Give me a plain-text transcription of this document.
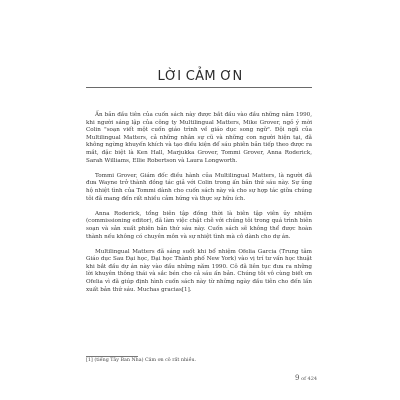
LỜI CẢM ƠN

Ấn bản đầu tiên của cuốn sách này được bắt đầu vào đầu những năm 1990, khi người sáng lập của công ty Multilingual Matters, Mike Grover, ngỏ ý mời Colin "soạn viết một cuốn giáo trình về giáo dục song ngữ". Đội ngũ của Multilingual Matters, cả những nhân sự cũ và những con người hiện tại, đã không ngừng khuyến khích và tạo điều kiện để sáu phiên bản tiếp theo được ra mắt, đặc biệt là Ken Hall, Marjukka Grover, Tommi Grover, Anna Roderick, Sarah Williams, Ellie Robertson và Laura Longworth.

Tommi Grover, Giám đốc điều hành của Multilingual Matters, là người đã đưa Wayne trở thành đồng tác giả với Colin trong ấn bản thứ sáu này. Sự ủng hộ nhiệt tình của Tommi dành cho cuốn sách này và cho sự hợp tác giữa chúng tôi đã mang đến rất nhiều cảm hứng và thực sự hữu ích.

Anna Roderick, tổng biên tập đồng thời là biên tập viên ủy nhiệm (commissioning editor), đã làm việc chặt chẽ với chúng tôi trong quá trình biên soạn và sản xuất phiên bản thứ sáu này. Cuốn sách sẽ không thể được hoàn thành nếu không có chuyên môn và sự nhiệt tình mà cô dành cho dự án.

Multilingual Matters đã sáng suốt khi bổ nhiệm Ofelia Garcia (Trung tâm Giáo dục Sau Đại học, Đại học Thành phố New York) vào vị trí tư vấn học thuật khi bắt đầu dự án này vào đầu những năm 1990. Cô đã liên tục đưa ra những lời khuyên thông thái và sắc bén cho cả sáu ấn bản. Chúng tôi vô cùng biết ơn Ofelia vì đã giúp định hình cuốn sách này từ những ngày đầu tiên cho đến lần xuất bản thứ sáu. Muchas gracias[1].

[1] (tiếng Tây Ban Nha) Cảm ơn cô rất nhiều.
9 of 424
